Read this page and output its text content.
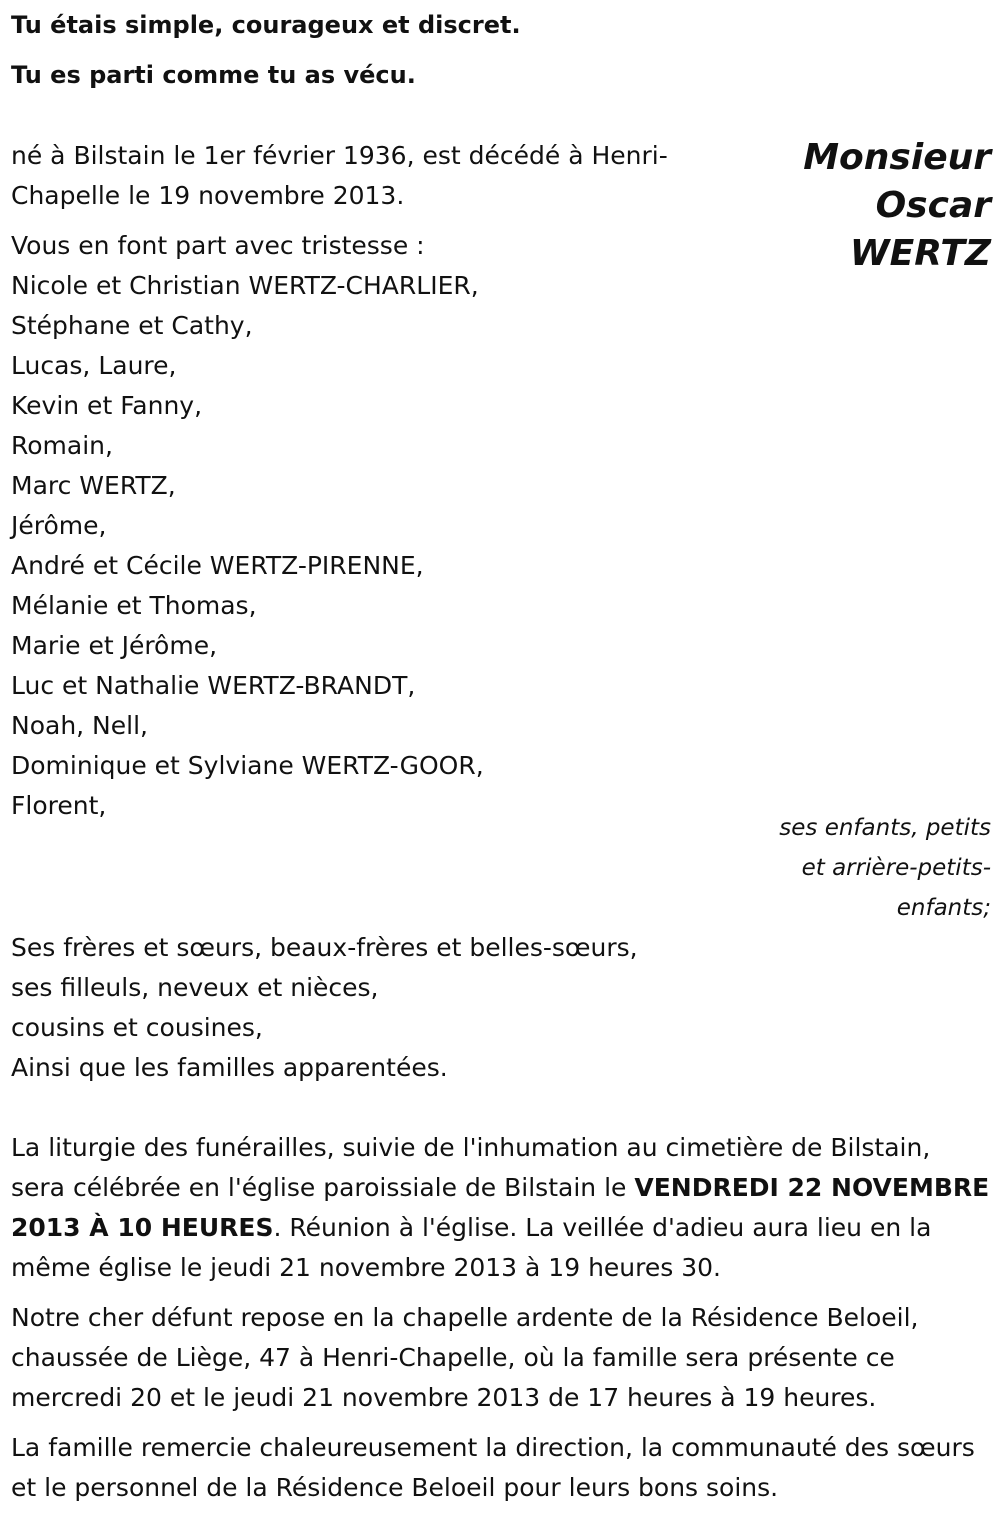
Tu étais simple, courageux et discret.
Tu es parti comme tu as vécu.
Monsieur
Oscar
WERTZ
né à Bilstain le 1er février 1936, est décédé à Henri-Chapelle le 19 novembre 2013.
Vous en font part avec tristesse :
Nicole et Christian WERTZ-CHARLIER,
Stéphane et Cathy,
Lucas, Laure,
Kevin et Fanny,
Romain,
Marc WERTZ,
Jérôme,
André et Cécile WERTZ-PIRENNE,
Mélanie et Thomas,
Marie et Jérôme,
Luc et Nathalie WERTZ-BRANDT,
Noah, Nell,
Dominique et Sylviane WERTZ-GOOR,
Florent,
ses enfants, petits
et arrière-petits-
enfants;
Ses frères et sœurs, beaux-frères et belles-sœurs,
ses filleuls, neveux et nièces,
cousins et cousines,
Ainsi que les familles apparentées.

La liturgie des funérailles, suivie de l'inhumation au cimetière de Bilstain, sera célébrée en l'église paroissiale de Bilstain le VENDREDI 22 NOVEMBRE 2013 À 10 HEURES. Réunion à l'église. La veillée d'adieu aura lieu en la même église le jeudi 21 novembre 2013 à 19 heures 30.

Notre cher défunt repose en la chapelle ardente de la Résidence Beloeil, chaussée de Liège, 47 à Henri-Chapelle, où la famille sera présente ce mercredi 20 et le jeudi 21 novembre 2013 de 17 heures à 19 heures.

La famille remercie chaleureusement la direction, la communauté des sœurs et le personnel de la Résidence Beloeil pour leurs bons soins.
